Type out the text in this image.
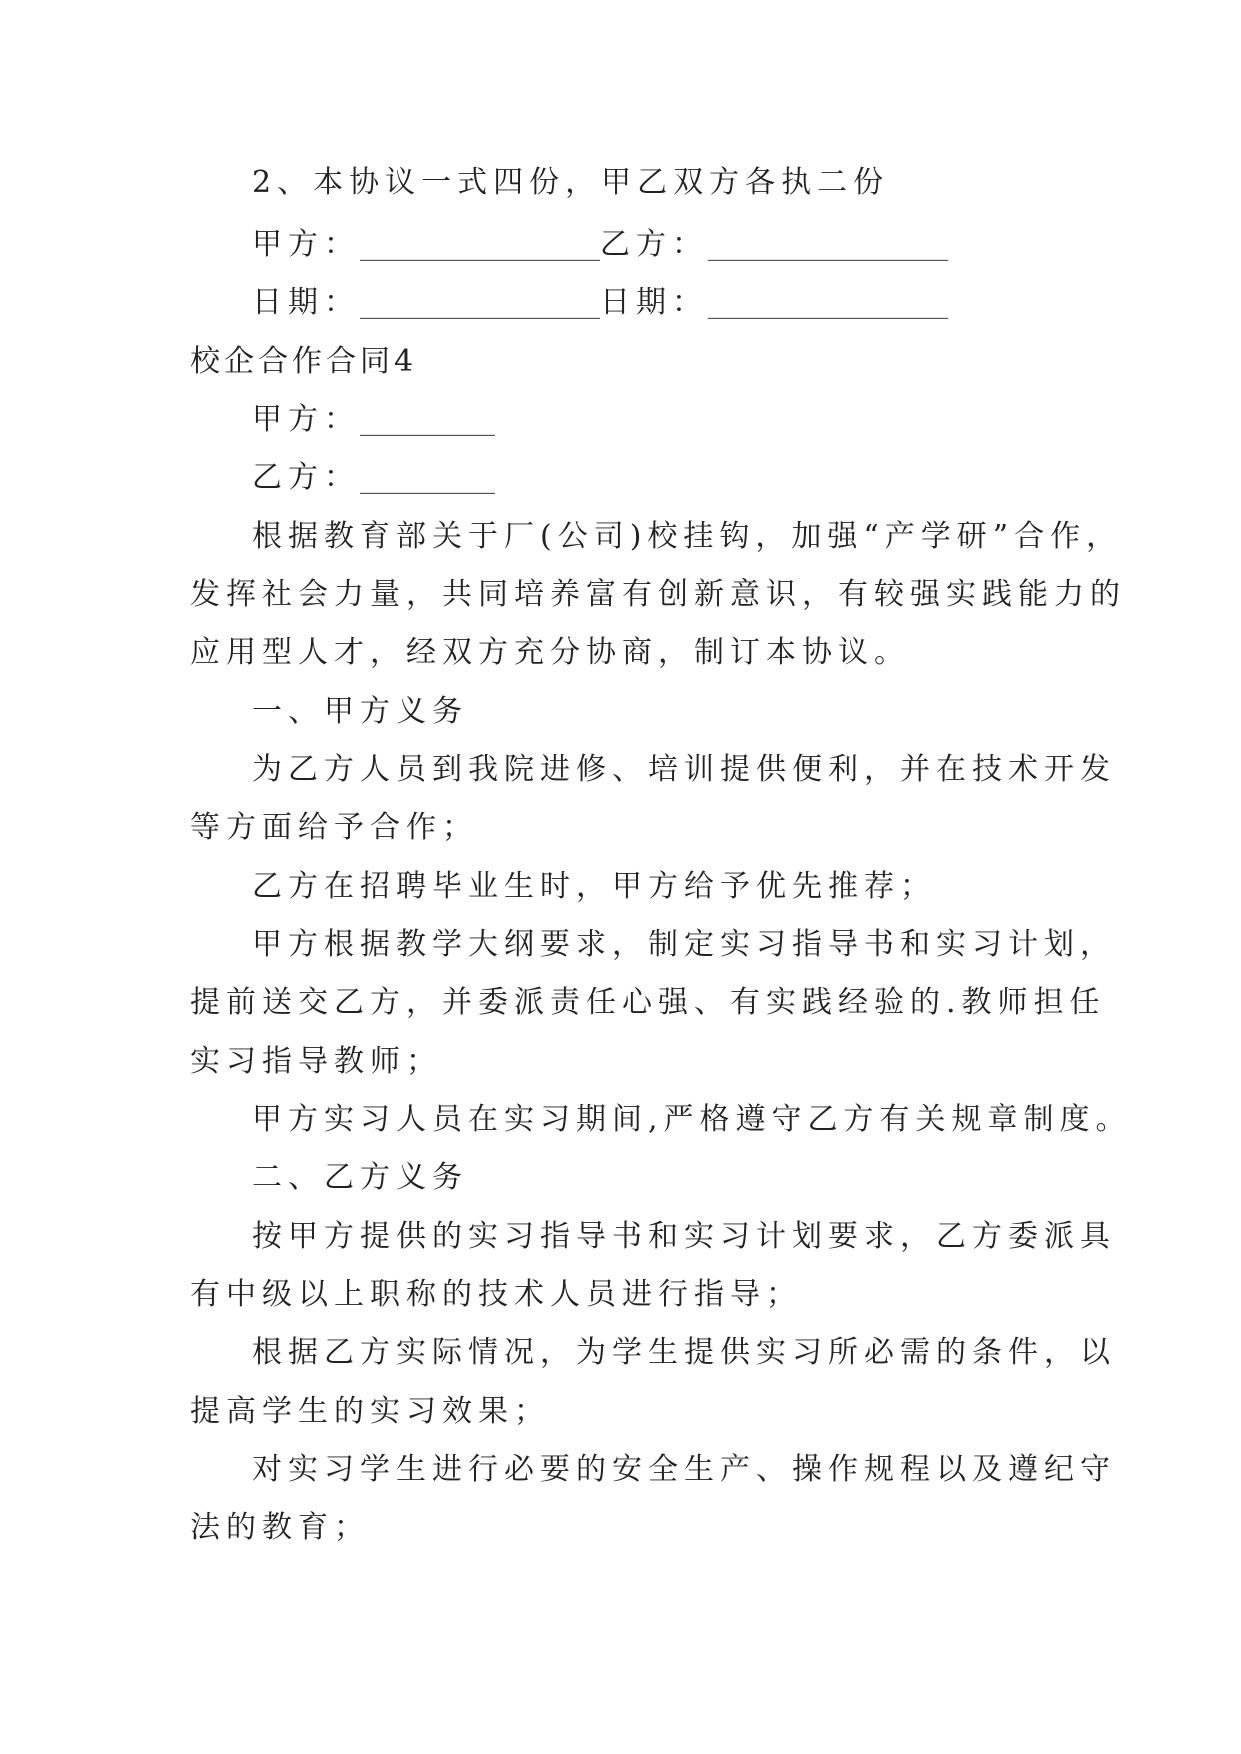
2、本协议一式四份，甲乙双方各执二份
甲方：________________乙方：________________
日期：________________日期：________________
校企合作合同4
甲方：_________
乙方：_________
根据教育部关于厂(公司)校挂钩，加强“产学研”合作，
发挥社会力量，共同培养富有创新意识，有较强实践能力的
应用型人才，经双方充分协商，制订本协议。
一、甲方义务
为乙方人员到我院进修、培训提供便利，并在技术开发
等方面给予合作；
乙方在招聘毕业生时，甲方给予优先推荐；
甲方根据教学大纲要求，制定实习指导书和实习计划，
提前送交乙方，并委派责任心强、有实践经验的.教师担任
实习指导教师；
甲方实习人员在实习期间,严格遵守乙方有关规章制度。
二、乙方义务
按甲方提供的实习指导书和实习计划要求，乙方委派具
有中级以上职称的技术人员进行指导；
根据乙方实际情况，为学生提供实习所必需的条件，以
提高学生的实习效果；
对实习学生进行必要的安全生产、操作规程以及遵纪守
法的教育；
